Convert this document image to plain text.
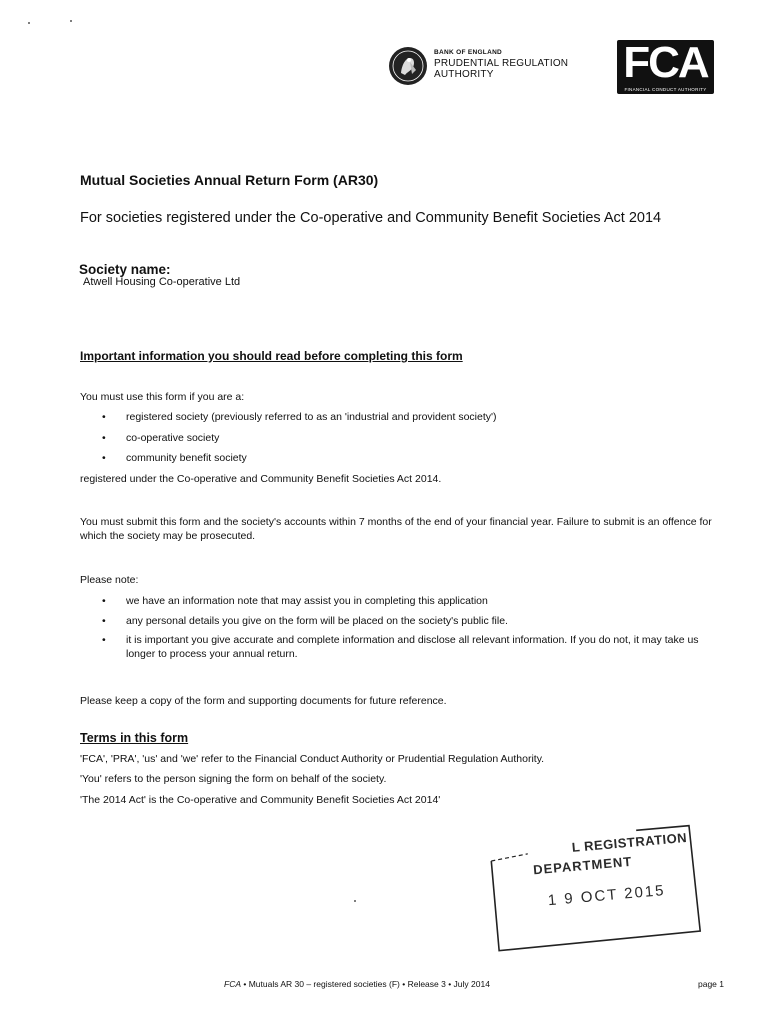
BANK OF ENGLAND
PRUDENTIAL REGULATION
AUTHORITY	FCA
FINANCIAL CONDUCT AUTHORITY
Mutual Societies Annual Return Form (AR30)
For societies registered under the Co-operative and Community Benefit Societies Act 2014
Society name:
Atwell Housing Co-operative Ltd
Important information you should read before completing this form
You must use this form if you are a:
• registered society (previously referred to as an 'industrial and provident society')
• co-operative society
• community benefit society
registered under the Co-operative and Community Benefit Societies Act 2014.
You must submit this form and the society's accounts within 7 months of the end of your financial year. Failure to submit is an offence for which the society may be prosecuted.
Please note:
• we have an information note that may assist you in completing this application
• any personal details you give on the form will be placed on the society's public file.
• it is important you give accurate and complete information and disclose all relevant information. If you do not, it may take us longer to process your annual return.
Please keep a copy of the form and supporting documents for future reference.
Terms in this form
'FCA', 'PRA', 'us' and 'we' refer to the Financial Conduct Authority or Prudential Regulation Authority.
'You' refers to the person signing the form on behalf of the society.
'The 2014 Act' is the Co-operative and Community Benefit Societies Act 2014'
L REGISTRATION
DEPARTMENT
1 9 OCT 2015
FCA • Mutuals AR 30 – registered societies (F) • Release 3 • July 2014	page 1
